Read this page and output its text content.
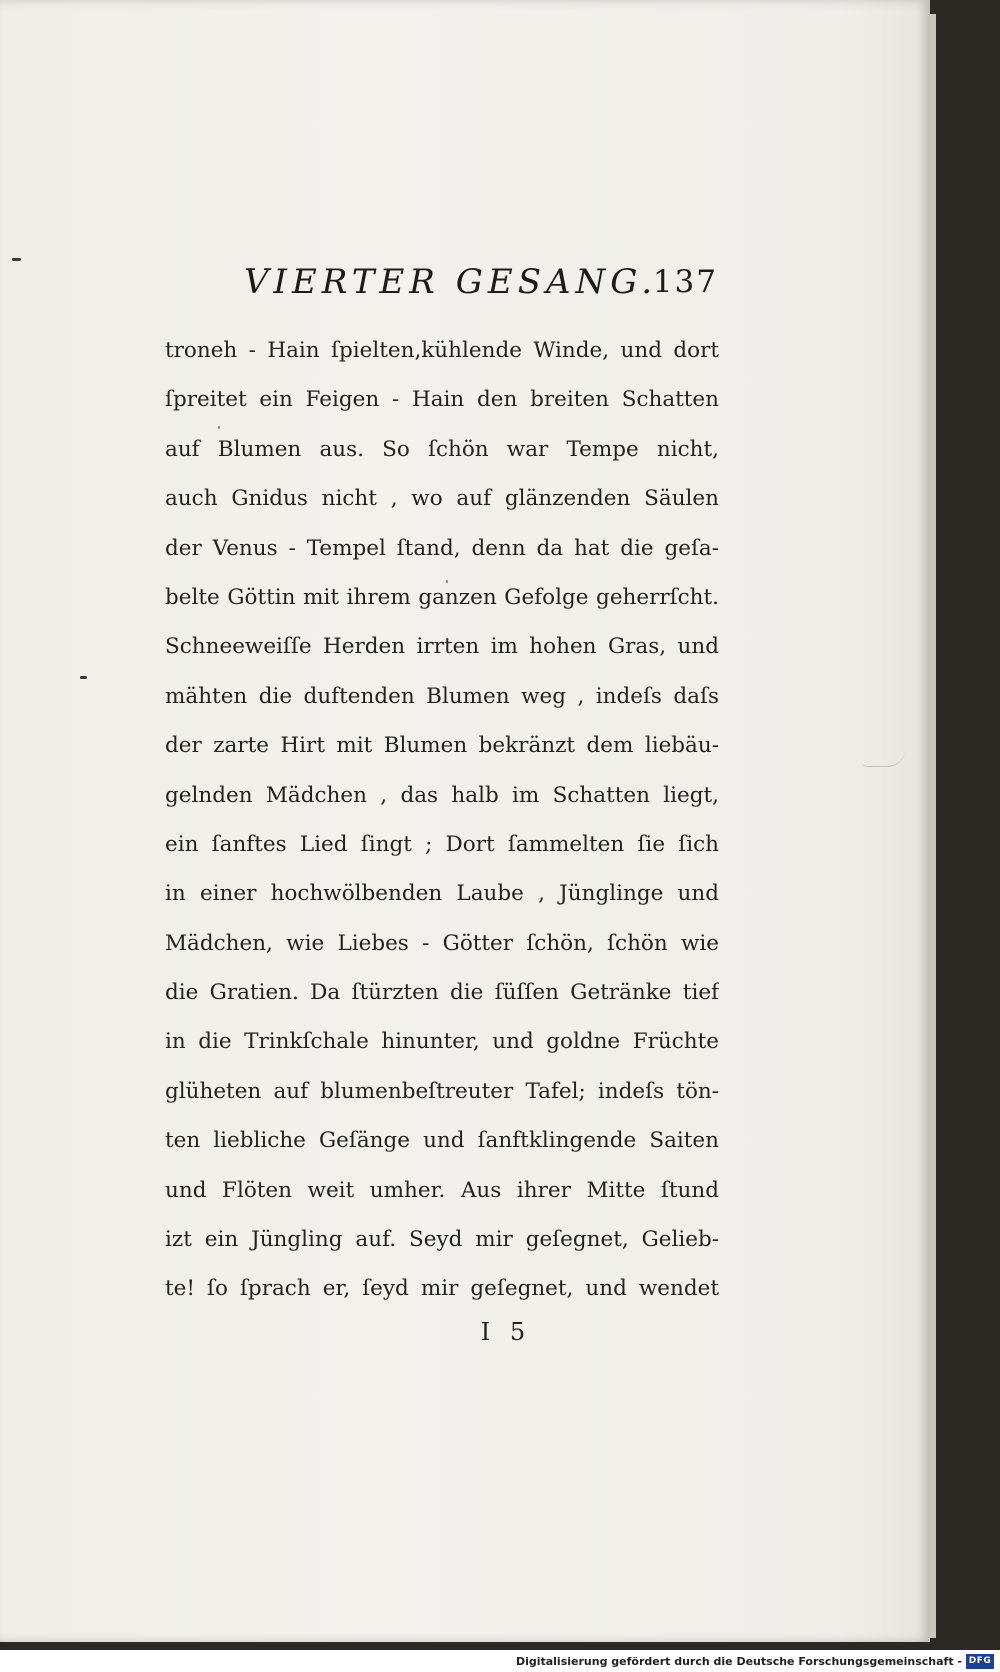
VIERTER GESANG.
137
troneh - Hain ſpielten,kühlende Winde, und dort
ſpreitet ein Feigen - Hain den breiten Schatten
auf Blumen aus. So ſchön war Tempe nicht,
auch Gnidus nicht , wo auf glänzenden Säulen
der Venus - Tempel ſtand, denn da hat die geſa-
belte Göttin mit ihrem ganzen Gefolge geherrſcht.
Schneeweiſſe Herden irrten im hohen Gras, und
mähten die duftenden Blumen weg , indeſs daſs
der zarte Hirt mit Blumen bekränzt dem liebäu-
gelnden Mädchen , das halb im Schatten liegt,
ein ſanftes Lied ſingt ; Dort ſammelten ſie ſich
in einer hochwölbenden Laube , Jünglinge und
Mädchen, wie Liebes - Götter ſchön, ſchön wie
die Gratien. Da ſtürzten die ſüſſen Getränke tief
in die Trinkſchale hinunter, und goldne Früchte
glüheten auf blumenbeſtreuter Tafel; indeſs tön-
ten liebliche Geſänge und ſanftklingende Saiten
und Flöten weit umher. Aus ihrer Mitte ſtund
izt ein Jüngling auf. Seyd mir geſegnet, Gelieb-
te! ſo ſprach er, ſeyd mir geſegnet, und wendet
I 5
Digitalisierung gefördert durch die Deutsche Forschungsgemeinschaft - DFG
